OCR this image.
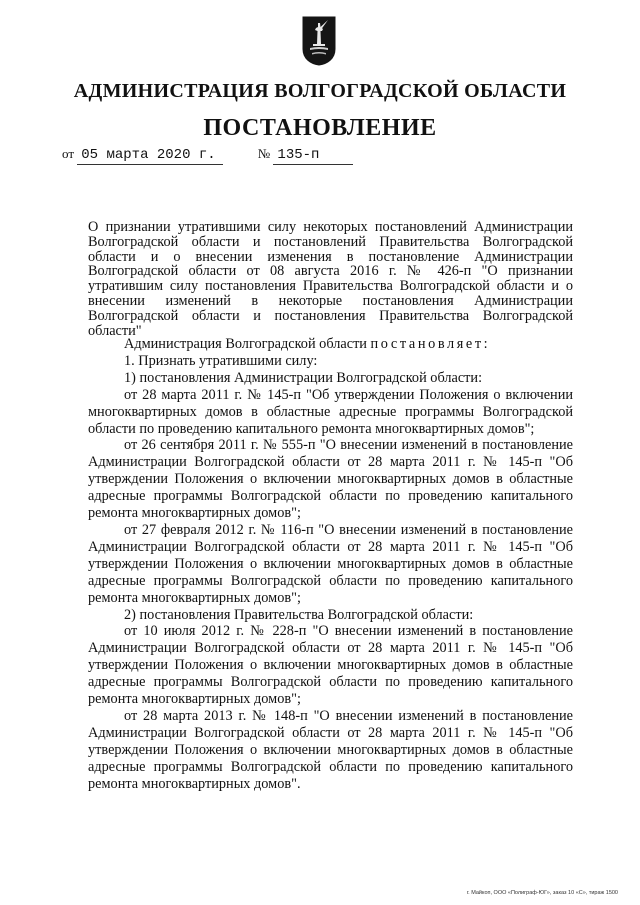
АДМИНИСТРАЦИЯ ВОЛГОГРАДСКОЙ ОБЛАСТИ
ПОСТАНОВЛЕНИЕ
от 05 марта 2020 г.	№ 135-п
О признании утратившими силу некоторых постановлений Администрации Волгоградской области и постановлений Правительства Волгоградской области и о внесении изменения в постановление Администрации Волгоградской области от 08 августа 2016 г. № 426-п "О признании утратившим силу постановления Правительства Волгоградской области и о внесении изменений в некоторые постановления Администрации Волгоградской области и постановления Правительства Волгоградской области"

Администрация Волгоградской области постановляет:

1. Признать утратившими силу:

1) постановления Администрации Волгоградской области:

от 28 марта 2011 г. № 145-п "Об утверждении Положения о включении многоквартирных домов в областные адресные программы Волгоградской области по проведению капитального ремонта многоквартирных домов";

от 26 сентября 2011 г. № 555-п "О внесении изменений в постановление Администрации Волгоградской области от 28 марта 2011 г. № 145-п "Об утверждении Положения о включении многоквартирных домов в областные адресные программы Волгоградской области по проведению капитального ремонта многоквартирных домов";

от 27 февраля 2012 г. № 116-п "О внесении изменений в постановление Администрации Волгоградской области от 28 марта 2011 г. № 145-п "Об утверждении Положения о включении многоквартирных домов в областные адресные программы Волгоградской области по проведению капитального ремонта многоквартирных домов";

2) постановления Правительства Волгоградской области:

от 10 июля 2012 г. № 228-п "О внесении изменений в постановление Администрации Волгоградской области от 28 марта 2011 г. № 145-п "Об утверждении Положения о включении многоквартирных домов в областные адресные программы Волгоградской области по проведению капитального ремонта многоквартирных домов";

от 28 марта 2013 г. № 148-п "О внесении изменений в постановление Администрации Волгоградской области от 28 марта 2011 г. № 145-п "Об утверждении Положения о включении многоквартирных домов в областные адресные программы Волгоградской области по проведению капитального ремонта многоквартирных домов".

г. Майкоп, ООО «Полиграф-ЮГ», заказ 10 «С», тираж 1500
